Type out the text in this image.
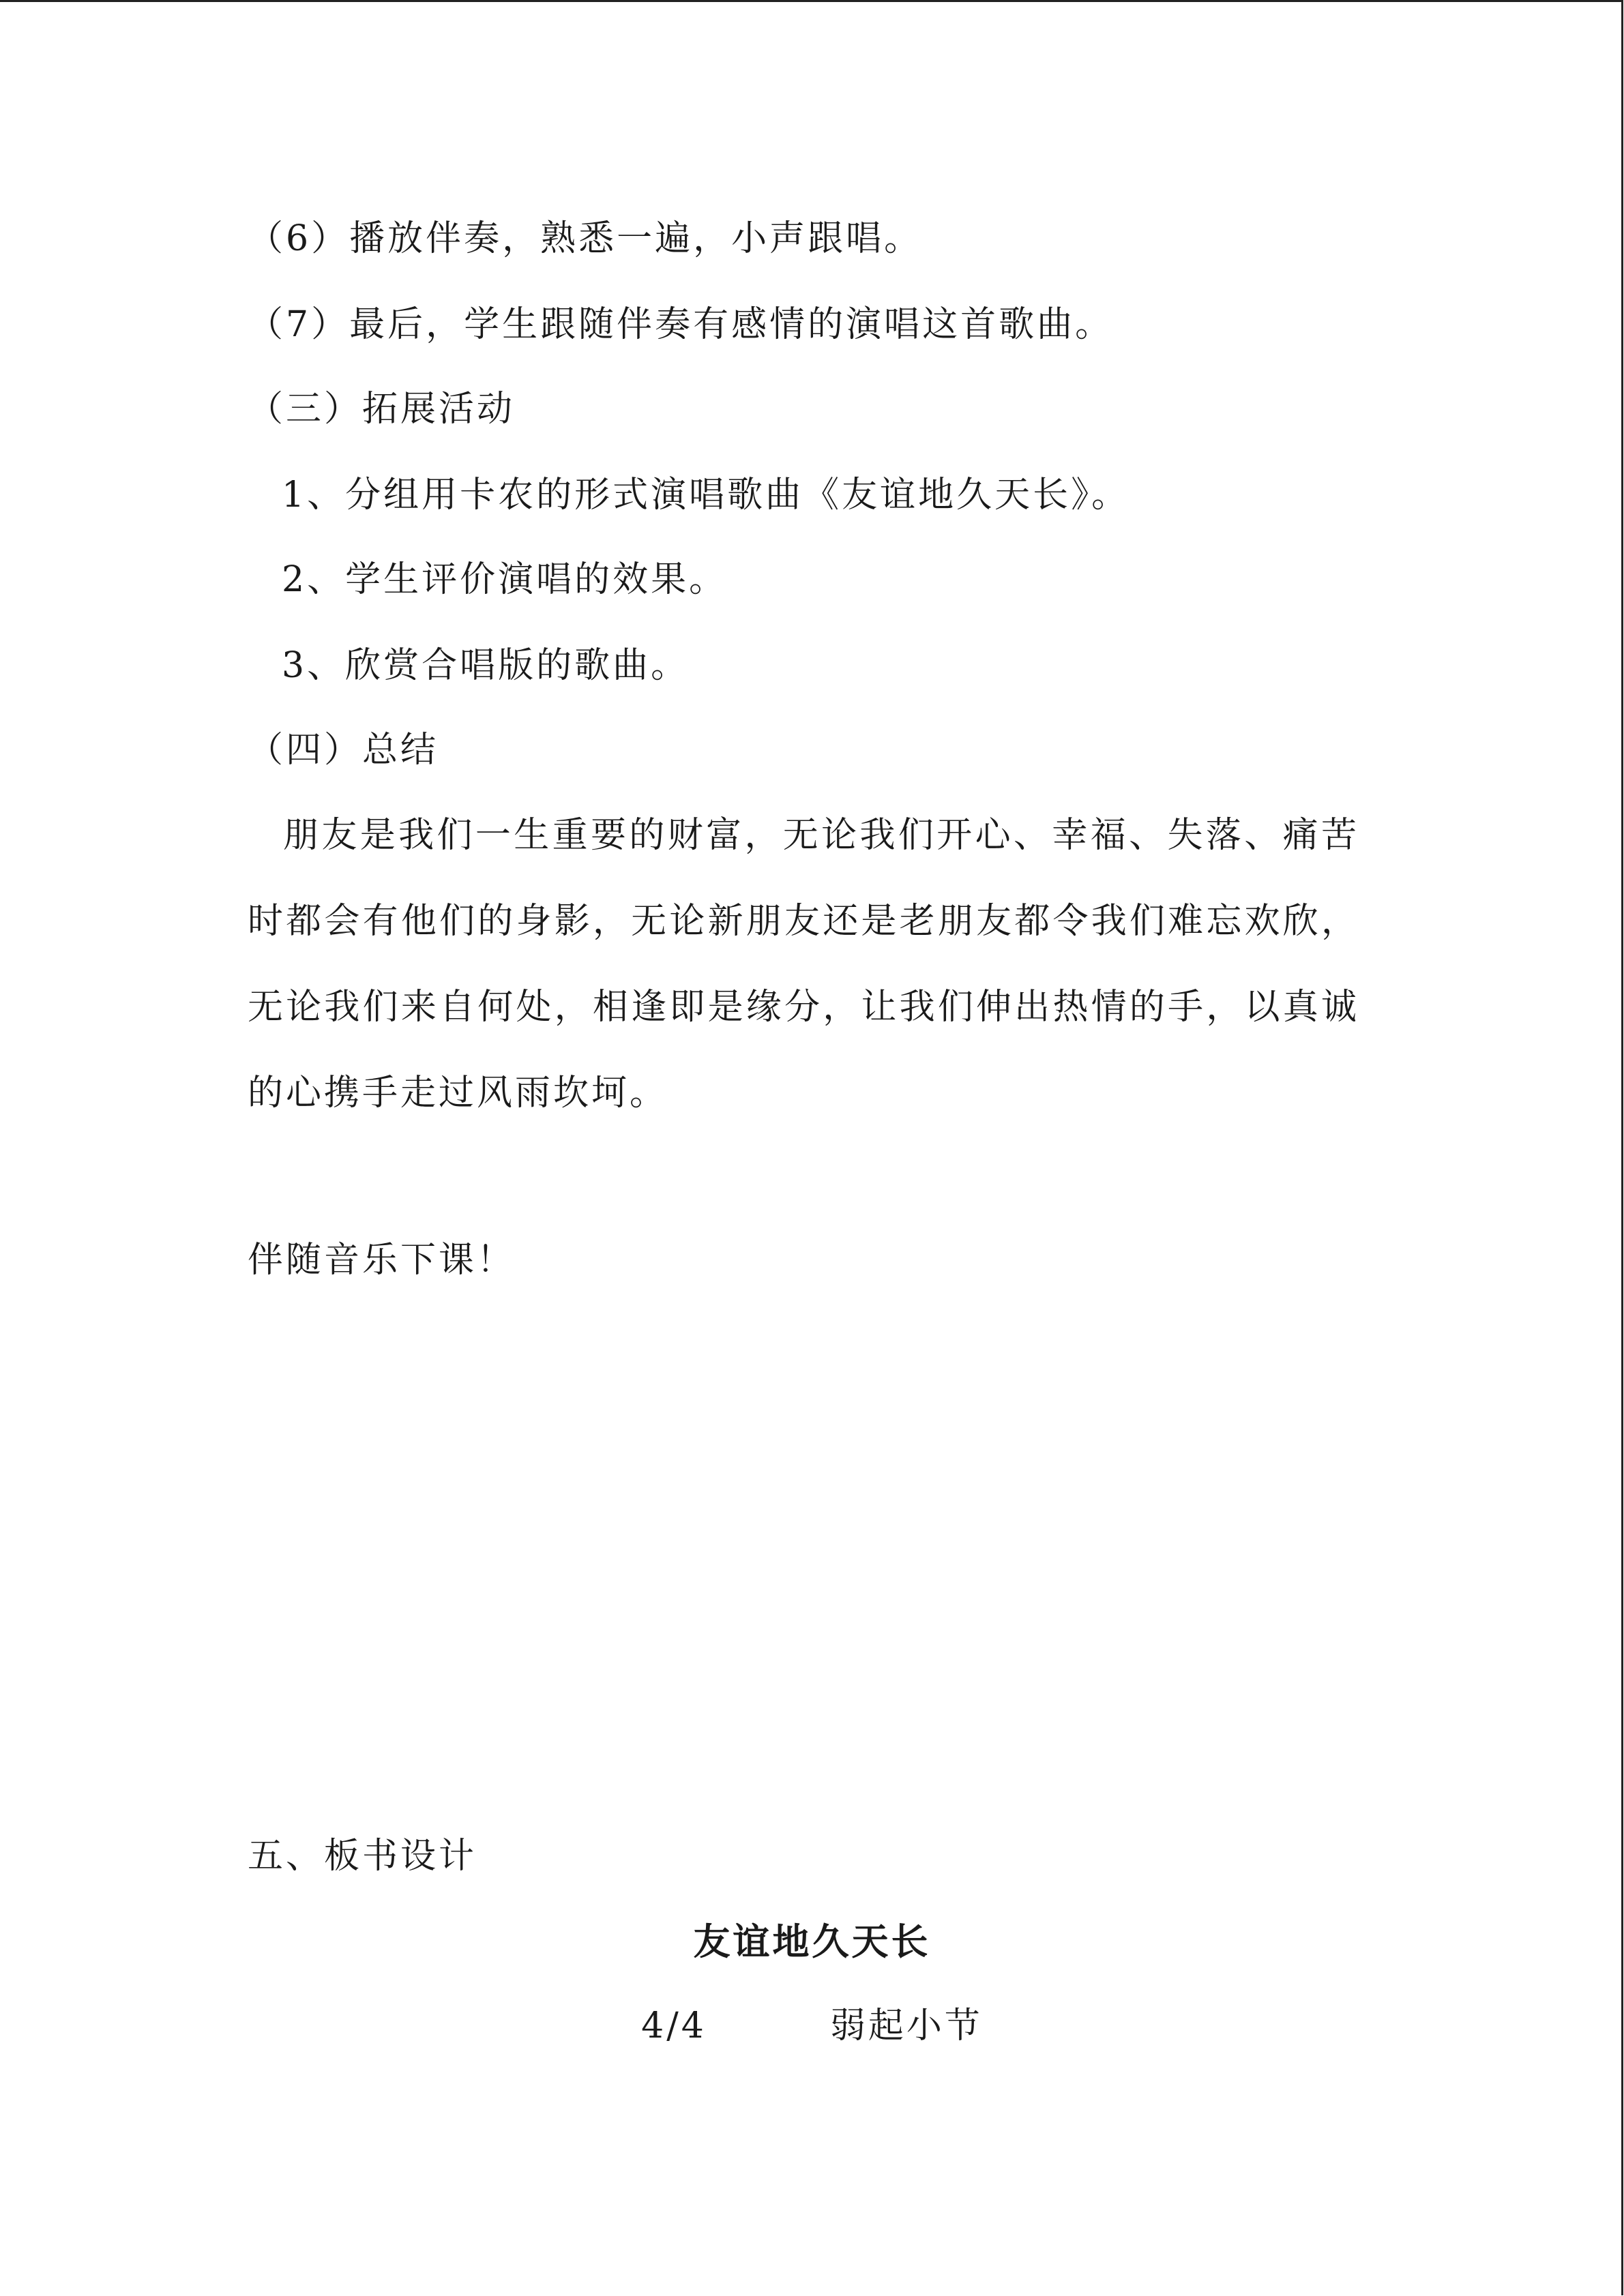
（6）播放伴奏，熟悉一遍，小声跟唱。
（7）最后，学生跟随伴奏有感情的演唱这首歌曲。
（三）拓展活动
1、分组用卡农的形式演唱歌曲《友谊地久天长》。
2、学生评价演唱的效果。
3、欣赏合唱版的歌曲。
（四）总结
朋友是我们一生重要的财富，无论我们开心、幸福、失落、痛苦时都会有他们的身影，无论新朋友还是老朋友都令我们难忘欢欣，无论我们来自何处，相逢即是缘分，让我们伸出热情的手，以真诚的心携手走过风雨坎坷。
伴随音乐下课！
五、板书设计
友谊地久天长
4/4	弱起小节
